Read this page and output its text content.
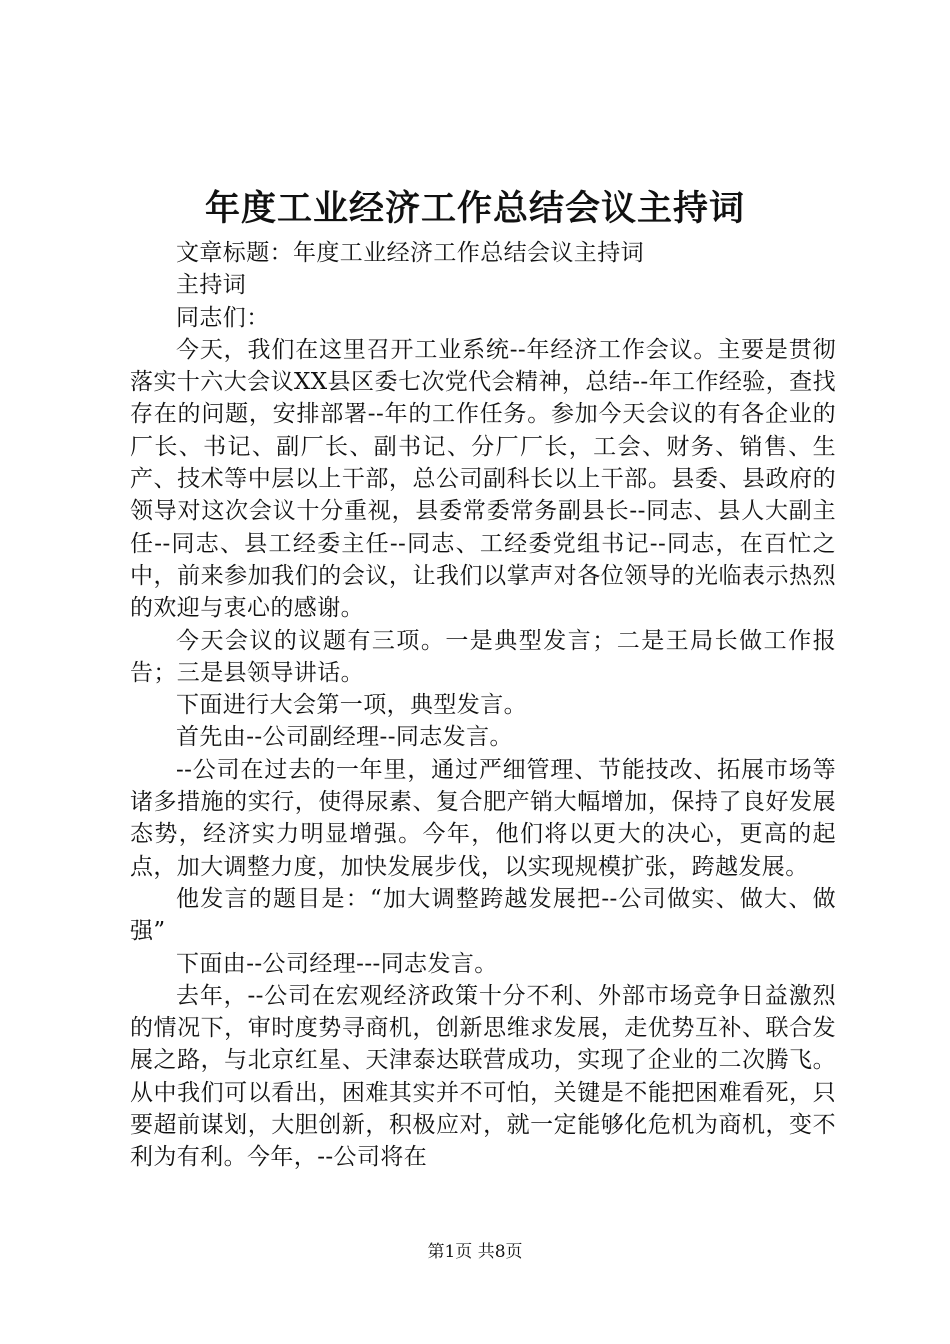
年度工业经济工作总结会议主持词

文章标题：年度工业经济工作总结会议主持词

主持词

同志们：

今天，我们在这里召开工业系统--年经济工作会议。主要是贯彻落实十六大会议XX县区委七次党代会精神，总结--年工作经验，查找存在的问题，安排部署--年的工作任务。参加今天会议的有各企业的厂长、书记、副厂长、副书记、分厂厂长，工会、财务、销售、生产、技术等中层以上干部，总公司副科长以上干部。县委、县政府的领导对这次会议十分重视，县委常委常务副县长--同志、县人大副主任--同志、县工经委主任--同志、工经委党组书记--同志，在百忙之中，前来参加我们的会议，让我们以掌声对各位领导的光临表示热烈的欢迎与衷心的感谢。

今天会议的议题有三项。一是典型发言；二是王局长做工作报告；三是县领导讲话。

下面进行大会第一项，典型发言。

首先由--公司副经理--同志发言。

--公司在过去的一年里，通过严细管理、节能技改、拓展市场等诸多措施的实行，使得尿素、复合肥产销大幅增加，保持了良好发展态势，经济实力明显增强。今年，他们将以更大的决心，更高的起点，加大调整力度，加快发展步伐，以实现规模扩张，跨越发展。

他发言的题目是：“加大调整跨越发展把--公司做实、做大、做强”

下面由--公司经理---同志发言。

去年，--公司在宏观经济政策十分不利、外部市场竞争日益激烈的情况下，审时度势寻商机，创新思维求发展，走优势互补、联合发展之路，与北京红星、天津泰达联营成功，实现了企业的二次腾飞。从中我们可以看出，困难其实并不可怕，关键是不能把困难看死，只要超前谋划，大胆创新，积极应对，就一定能够化危机为商机，变不利为有利。今年，--公司将在

第1页 共8页
